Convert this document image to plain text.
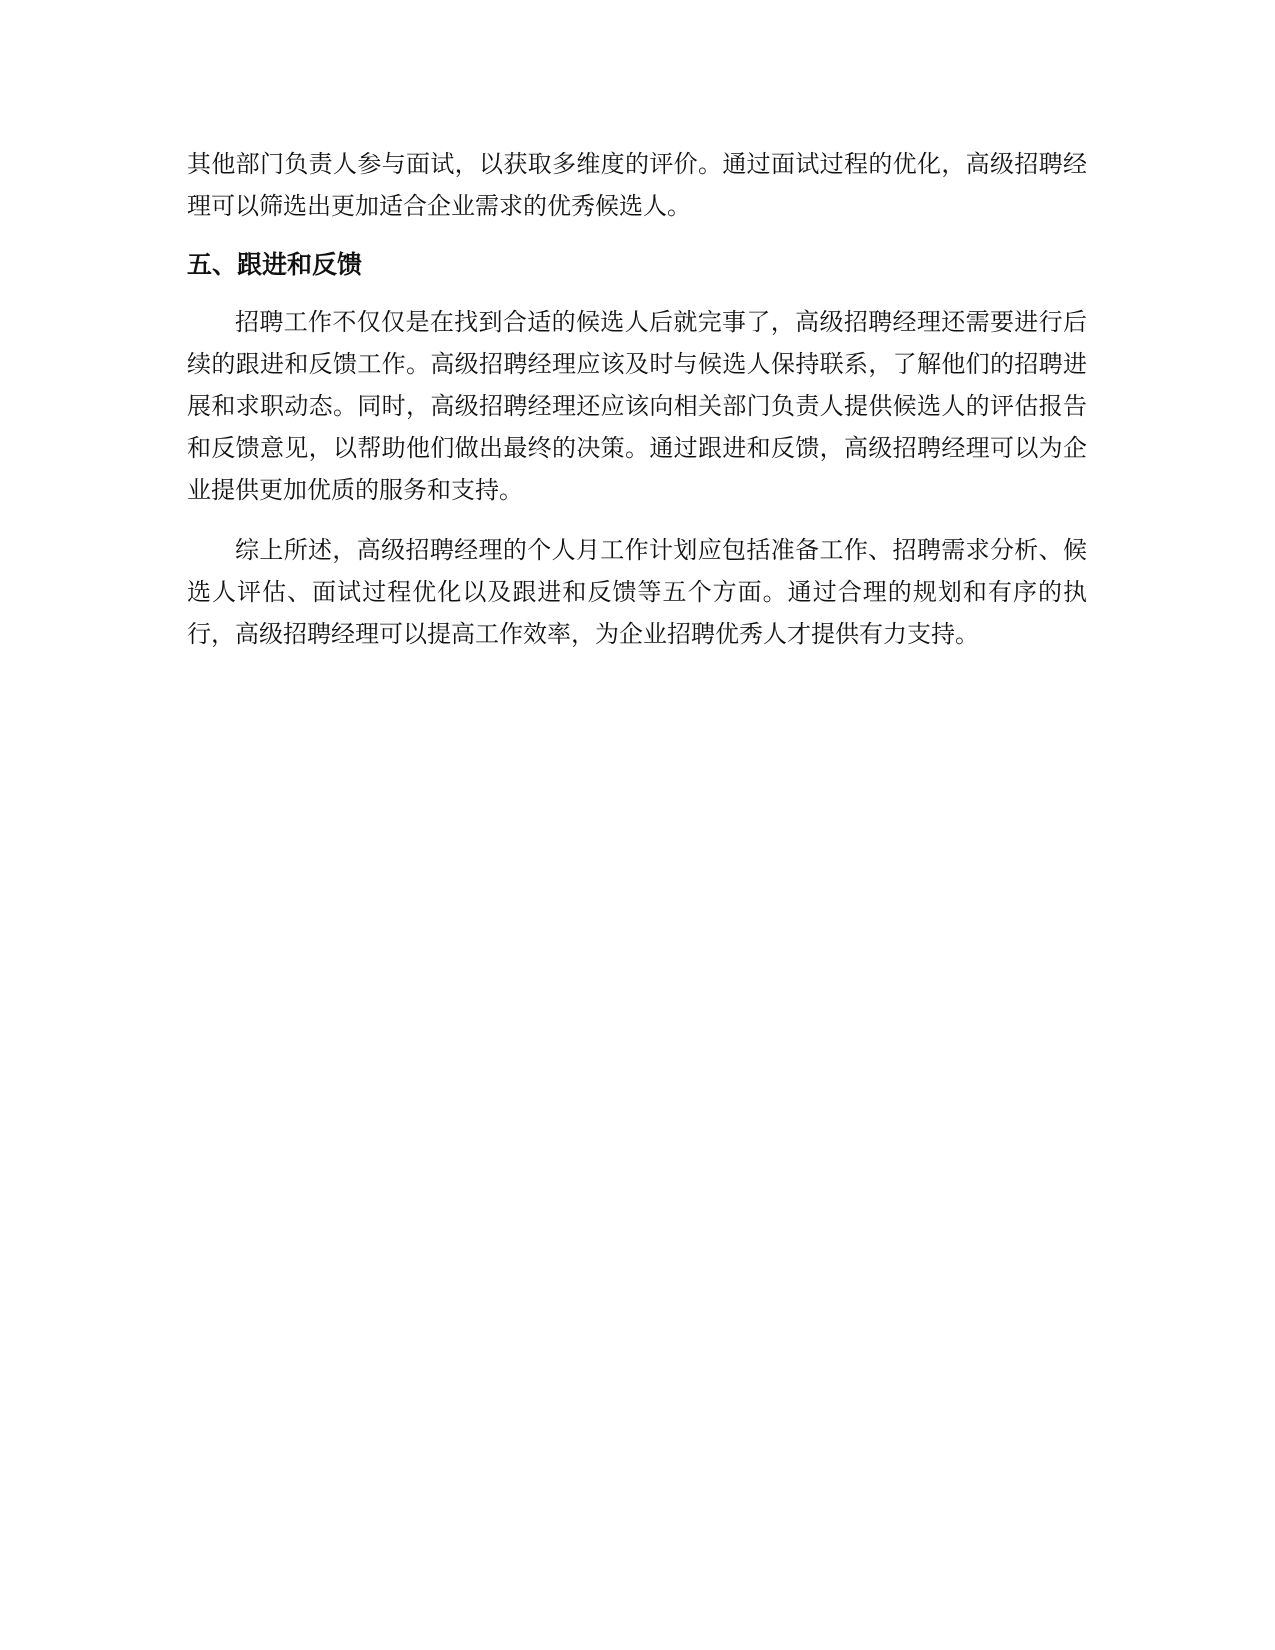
其他部门负责人参与面试，以获取多维度的评价。通过面试过程的优化，高级招聘经理可以筛选出更加适合企业需求的优秀候选人。

五、跟进和反馈

招聘工作不仅仅是在找到合适的候选人后就完事了，高级招聘经理还需要进行后续的跟进和反馈工作。高级招聘经理应该及时与候选人保持联系，了解他们的招聘进展和求职动态。同时，高级招聘经理还应该向相关部门负责人提供候选人的评估报告和反馈意见，以帮助他们做出最终的决策。通过跟进和反馈，高级招聘经理可以为企业提供更加优质的服务和支持。

综上所述，高级招聘经理的个人月工作计划应包括准备工作、招聘需求分析、候选人评估、面试过程优化以及跟进和反馈等五个方面。通过合理的规划和有序的执行，高级招聘经理可以提高工作效率，为企业招聘优秀人才提供有力支持。
